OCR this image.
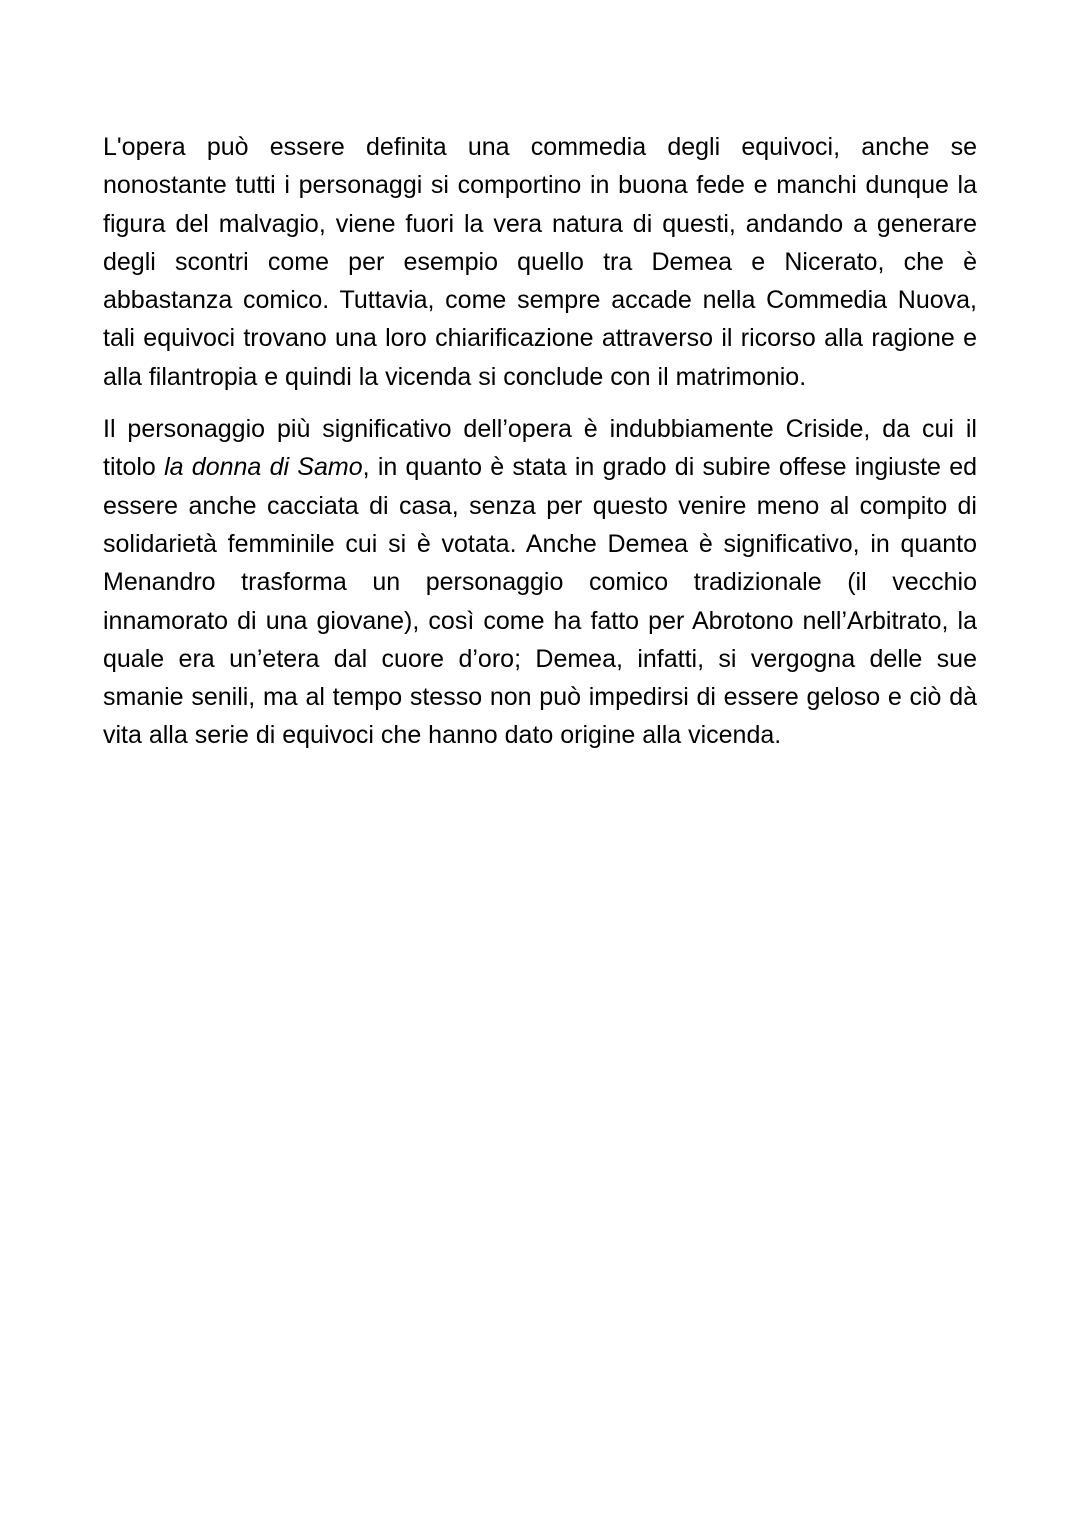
L'opera può essere definita una commedia degli equivoci, anche se nonostante tutti i personaggi si comportino in buona fede e manchi dunque la figura del malvagio, viene fuori la vera natura di questi, andando a generare degli scontri come per esempio quello tra Demea e Nicerato, che è abbastanza comico. Tuttavia, come sempre accade nella Commedia Nuova, tali equivoci trovano una loro chiarificazione attraverso il ricorso alla ragione e alla filantropia e quindi la vicenda si conclude con il matrimonio.

Il personaggio più significativo dell’opera è indubbiamente Criside, da cui il titolo la donna di Samo, in quanto è stata in grado di subire offese ingiuste ed essere anche cacciata di casa, senza per questo venire meno al compito di solidarietà femminile cui si è votata. Anche Demea è significativo, in quanto Menandro trasforma un personaggio comico tradizionale (il vecchio innamorato di una giovane), così come ha fatto per Abrotono nell’Arbitrato, la quale era un’etera dal cuore d’oro; Demea, infatti, si vergogna delle sue smanie senili, ma al tempo stesso non può impedirsi di essere geloso e ciò dà vita alla serie di equivoci che hanno dato origine alla vicenda.
